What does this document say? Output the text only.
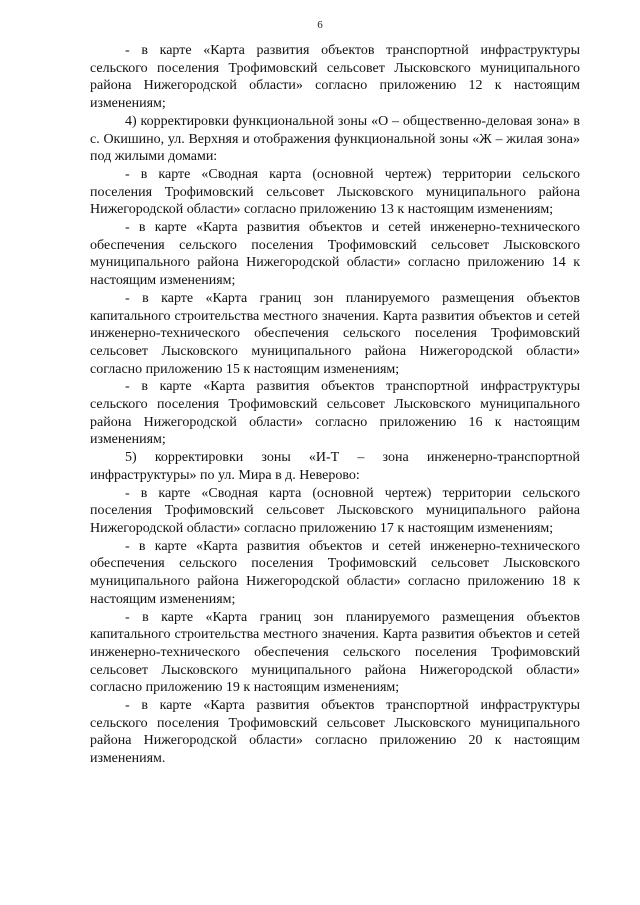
6

- в карте «Карта развития объектов транспортной инфраструктуры сельского поселения Трофимовский сельсовет Лысковского муниципального района Нижегородской области» согласно приложению 12 к настоящим изменениям;

4) корректировки функциональной зоны «О – общественно-деловая зона» в с. Окишино, ул. Верхняя и отображения функциональной зоны «Ж – жилая зона» под жилыми домами:

- в карте «Сводная карта (основной чертеж) территории сельского поселения Трофимовский сельсовет Лысковского муниципального района Нижегородской области» согласно приложению 13 к настоящим изменениям;

- в карте «Карта развития объектов и сетей инженерно-технического обеспечения сельского поселения Трофимовский сельсовет Лысковского муниципального района Нижегородской области» согласно приложению 14 к настоящим изменениям;

- в карте «Карта границ зон планируемого размещения объектов капитального строительства местного значения. Карта развития объектов и сетей инженерно-технического обеспечения сельского поселения Трофимовский сельсовет Лысковского муниципального района Нижегородской области» согласно приложению 15 к настоящим изменениям;

- в карте «Карта развития объектов транспортной инфраструктуры сельского поселения Трофимовский сельсовет Лысковского муниципального района Нижегородской области» согласно приложению 16 к настоящим изменениям;

5) корректировки зоны «И-Т – зона инженерно-транспортной инфраструктуры» по ул. Мира в д. Неверово:

- в карте «Сводная карта (основной чертеж) территории сельского поселения Трофимовский сельсовет Лысковского муниципального района Нижегородской области» согласно приложению 17 к настоящим изменениям;

- в карте «Карта развития объектов и сетей инженерно-технического обеспечения сельского поселения Трофимовский сельсовет Лысковского муниципального района Нижегородской области» согласно приложению 18 к настоящим изменениям;

- в карте «Карта границ зон планируемого размещения объектов капитального строительства местного значения. Карта развития объектов и сетей инженерно-технического обеспечения сельского поселения Трофимовский сельсовет Лысковского муниципального района Нижегородской области» согласно приложению 19 к настоящим изменениям;

- в карте «Карта развития объектов транспортной инфраструктуры сельского поселения Трофимовский сельсовет Лысковского муниципального района Нижегородской области» согласно приложению 20 к настоящим изменениям.
